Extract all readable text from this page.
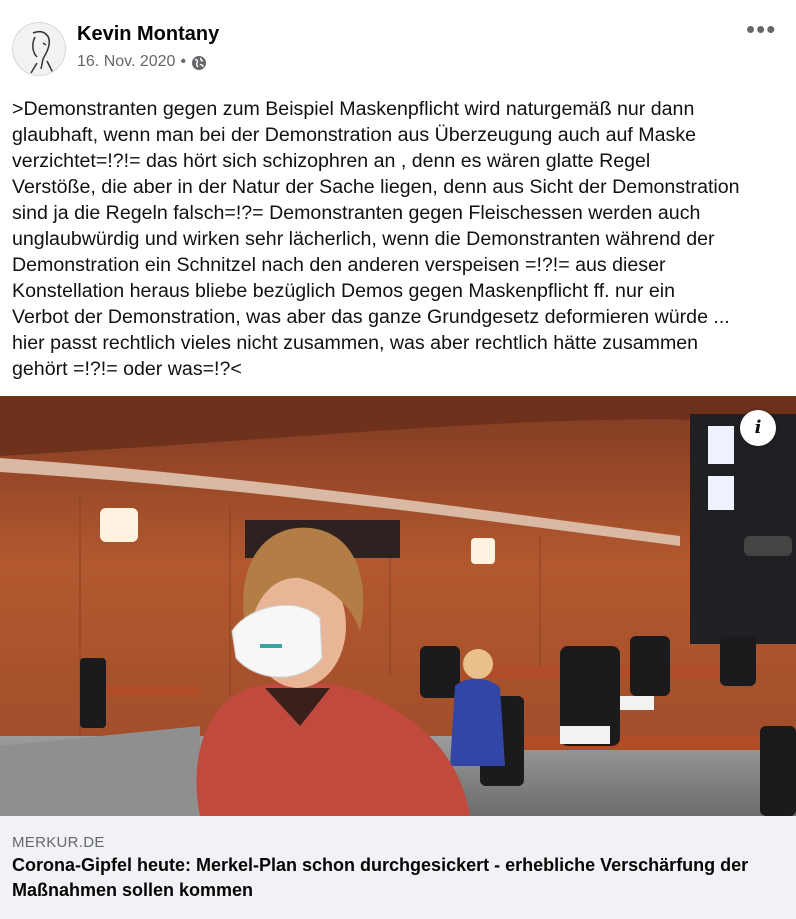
Kevin Montany
16. Nov. 2020 •
•••
>Demonstranten gegen zum Beispiel Maskenpflicht wird naturgemäß nur dann
glaubhaft, wenn man bei der Demonstration aus Überzeugung auch auf Maske
verzichtet=!?!= das hört sich schizophren an , denn es wären glatte Regel
Verstöße, die aber in der Natur der Sache liegen, denn aus Sicht der Demonstration
sind ja die Regeln falsch=!?= Demonstranten gegen Fleischessen werden auch
unglaubwürdig und wirken sehr lächerlich, wenn die Demonstranten während der
Demonstration ein Schnitzel nach den anderen verspeisen =!?!= aus dieser
Konstellation heraus bliebe bezüglich Demos gegen Maskenpflicht ff. nur ein
Verbot der Demonstration, was aber das ganze Grundgesetz deformieren würde ...
hier passt rechtlich vieles nicht zusammen, was aber rechtlich hätte zusammen
gehört =!?!= oder was=!?<
i
MERKUR.DE
Corona-Gipfel heute: Merkel-Plan schon durchgesickert - erhebliche Verschärfung der Maßnahmen sollen kommen
